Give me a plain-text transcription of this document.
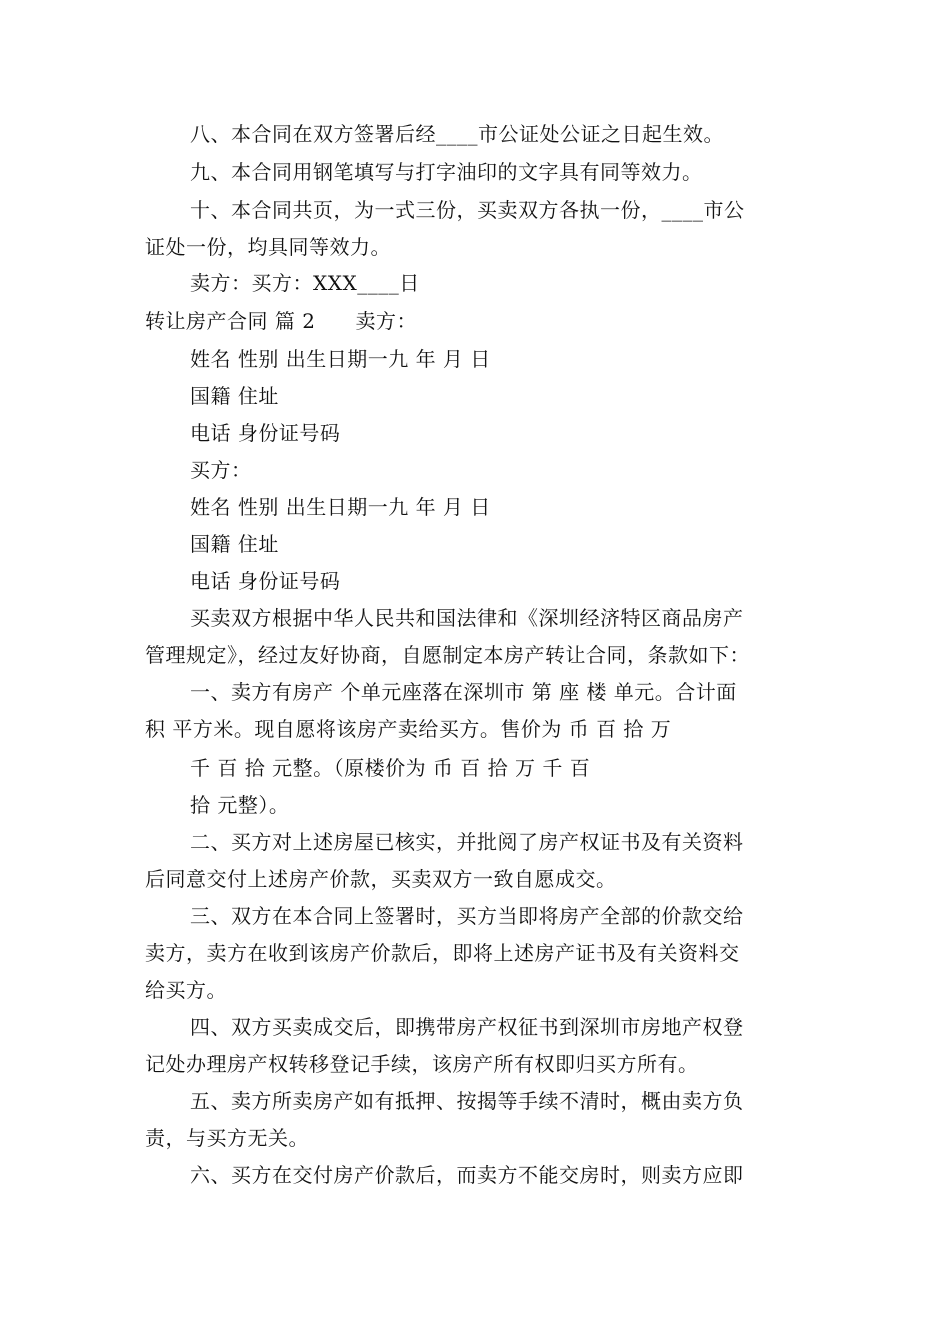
八、本合同在双方签署后经____市公证处公证之日起生效。
九、本合同用钢笔填写与打字油印的文字具有同等效力。
十、本合同共页，为一式三份，买卖双方各执一份，____市公
证处一份，均具同等效力。
卖方：买方：XXX____日
转让房产合同 篇 2 卖方：
姓名 性别 出生日期一九 年 月 日
国籍 住址
电话 身份证号码
买方：
姓名 性别 出生日期一九 年 月 日
国籍 住址
电话 身份证号码
买卖双方根据中华人民共和国法律和《深圳经济特区商品房产
管理规定》，经过友好协商，自愿制定本房产转让合同，条款如下：
一、卖方有房产 个单元座落在深圳市 第 座 楼 单元。合计面
积 平方米。现自愿将该房产卖给买方。售价为 币 百 拾 万
千 百 拾 元整。（原楼价为 币 百 拾 万 千 百
拾 元整）。
二、买方对上述房屋已核实，并批阅了房产权证书及有关资料
后同意交付上述房产价款，买卖双方一致自愿成交。
三、双方在本合同上签署时，买方当即将房产全部的价款交给
卖方，卖方在收到该房产价款后，即将上述房产证书及有关资料交
给买方。
四、双方买卖成交后，即携带房产权征书到深圳市房地产权登
记处办理房产权转移登记手续，该房产所有权即归买方所有。
五、卖方所卖房产如有抵押、按揭等手续不清时，概由卖方负
责，与买方无关。
六、买方在交付房产价款后，而卖方不能交房时，则卖方应即
